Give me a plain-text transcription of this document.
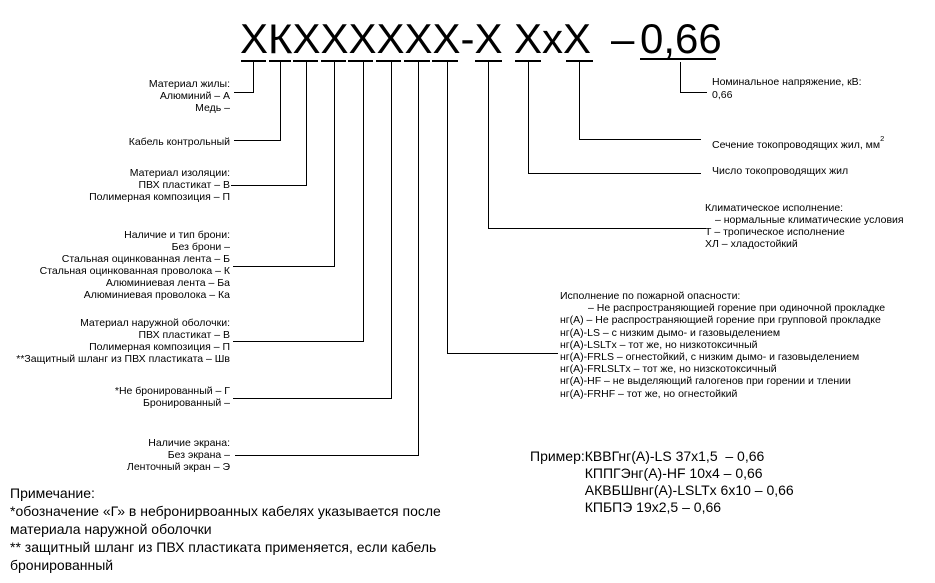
ХКХХХХХХ-Х ХхХ – 0,66
Материал жилы:
Алюминий – А
Медь –
Кабель контрольный
Материал изоляции:
ПВХ пластикат – В
Полимерная композиция – П
Наличие и тип брони:
Без брони –
Стальная оцинкованная лента – Б
Стальная оцинкованная проволока – К
Алюминиевая лента – Ба
Алюминиевая проволока – Ка
Материал наружной оболочки:
ПВХ пластикат – В
Полимерная композиция – П
**Защитный шланг из ПВХ пластиката – Шв
*Не бронированный – Г
Бронированный –
Наличие экрана:
Без экрана –
Ленточный экран – Э
Номинальное напряжение, кВ:
0,66
Сечение токопроводящих жил, $мм^2$
Число токопроводящих жил
Климатическое исполнение:
– нормальные климатические условия
Т – тропическое исполнение
ХЛ – хладостойкий
Исполнение по пожарной опасности:
– Не распространяющией горение при одиночной прокладке
нг(А) – Не распространяющией горение при групповой прокладке
нг(А)-LS – с низким дымо- и газовыделением
нг(А)-LSLTх – тот же, но низкотоксичный
нг(А)-FRLS – огнестойкий, с низким дымо- и газовыделением
нг(А)-FRLSLTх – тот же, но низскотоксичный
нг(А)-HF – не выделяющий галогенов при горении и тлении
нг(А)-FRHF – тот же, но огнестойкий
Пример: КВВГнг(А)-LS 37х1,5  – 0,66
КППГЭнг(А)-HF 10х4 – 0,66
АКВБШвнг(А)-LSLTх 6х10 – 0,66
КПБПЭ 19х2,5 – 0,66
Примечание:
*обозначение «Г» в небронирвоанных кабелях указывается после
материала наружной оболочки
** защитный шланг из ПВХ пластиката применяется, если кабель
бронированный
